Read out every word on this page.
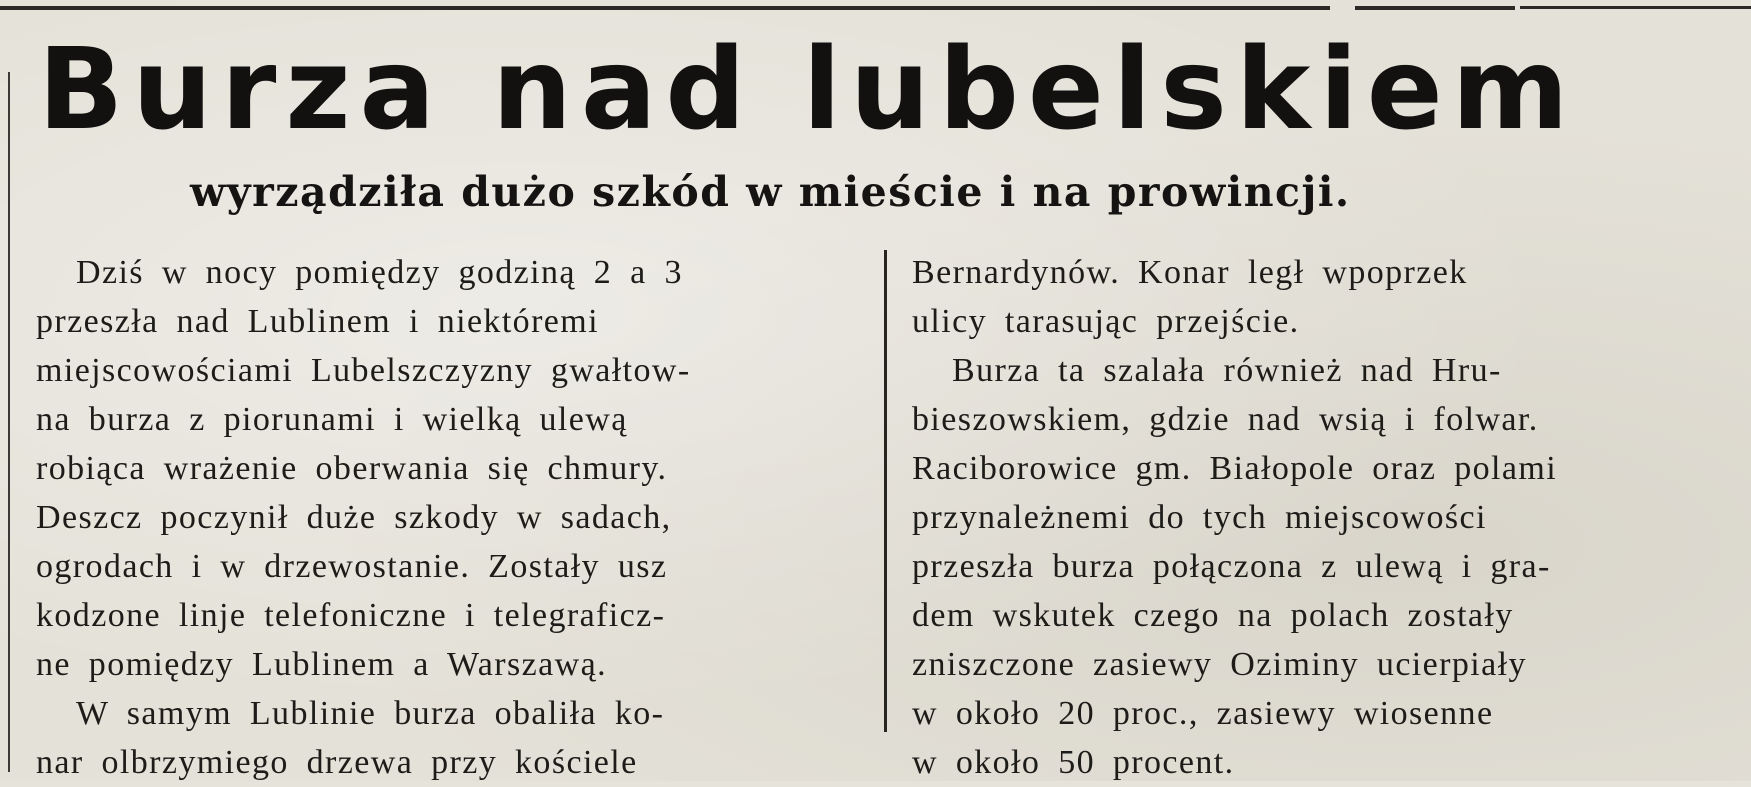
Burza nad lubelskiem
wyrządziła dużo szkód w mieście i na prowincji.
Dziś w nocy pomiędzy godziną 2 a 3
przeszła nad Lublinem i niektóremi
miejscowościami Lubelszczyzny gwałtow-
na burza z piorunami i wielką ulewą
robiąca wrażenie oberwania się chmury.
Deszcz poczynił duże szkody w sadach,
ogrodach i w drzewostanie. Zostały usz
kodzone linje telefoniczne i telegraficz-
ne pomiędzy Lublinem a Warszawą.
W samym Lublinie burza obaliła ko-
nar olbrzymiego drzewa przy kościele
Bernardynów. Konar legł wpoprzek
ulicy tarasując przejście.
Burza ta szalała również nad Hru-
bieszowskiem, gdzie nad wsią i folwar.
Raciborowice gm. Białopole oraz polami
przynależnemi do tych miejscowości
przeszła burza połączona z ulewą i gra-
dem wskutek czego na polach zostały
zniszczone zasiewy Oziminy ucierpiały
w około 20 proc., zasiewy wiosenne
w około 50 procent.
